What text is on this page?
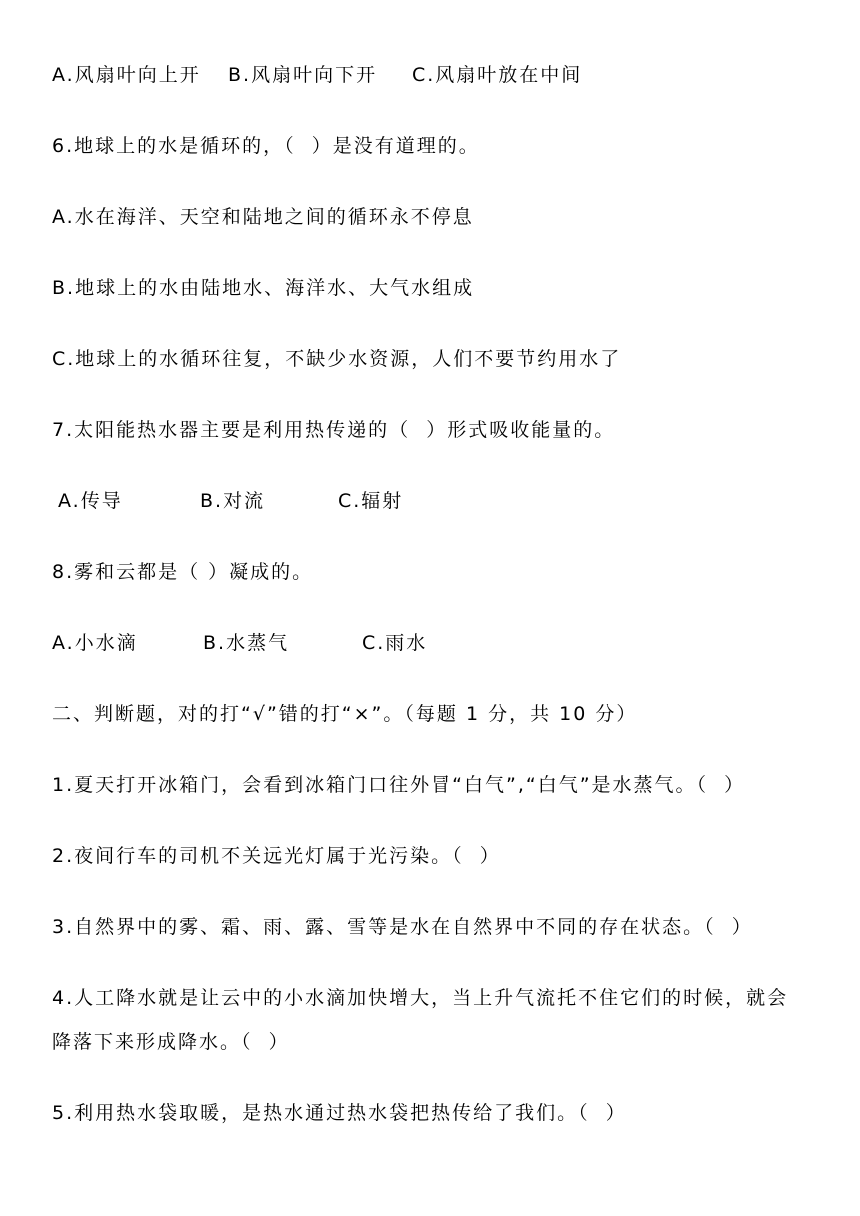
A.风扇叶向上开 B.风扇叶向下开 C.风扇叶放在中间
6.地球上的水是循环的，（  ）是没有道理的。
A.水在海洋、天空和陆地之间的循环永不停息
B.地球上的水由陆地水、海洋水、大气水组成
C.地球上的水循环往复，不缺少水资源，人们不要节约用水了
7.太阳能热水器主要是利用热传递的（  ）形式吸收能量的。
A.传导	B.对流	C.辐射
8.雾和云都是（ ）凝成的。
A.小水滴	B.水蒸气	C.雨水
二、判断题，对的打“√”错的打“×”。（每题 1 分，共 10 分）
1.夏天打开冰箱门，会看到冰箱门口往外冒“白气”,“白气”是水蒸气。（  ）
2.夜间行车的司机不关远光灯属于光污染。（  ）
3.自然界中的雾、霜、雨、露、雪等是水在自然界中不同的存在状态。（  ）
4.人工降水就是让云中的小水滴加快增大，当上升气流托不住它们的时候，就会
降落下来形成降水。（  ）
5.利用热水袋取暖，是热水通过热水袋把热传给了我们。（  ）
